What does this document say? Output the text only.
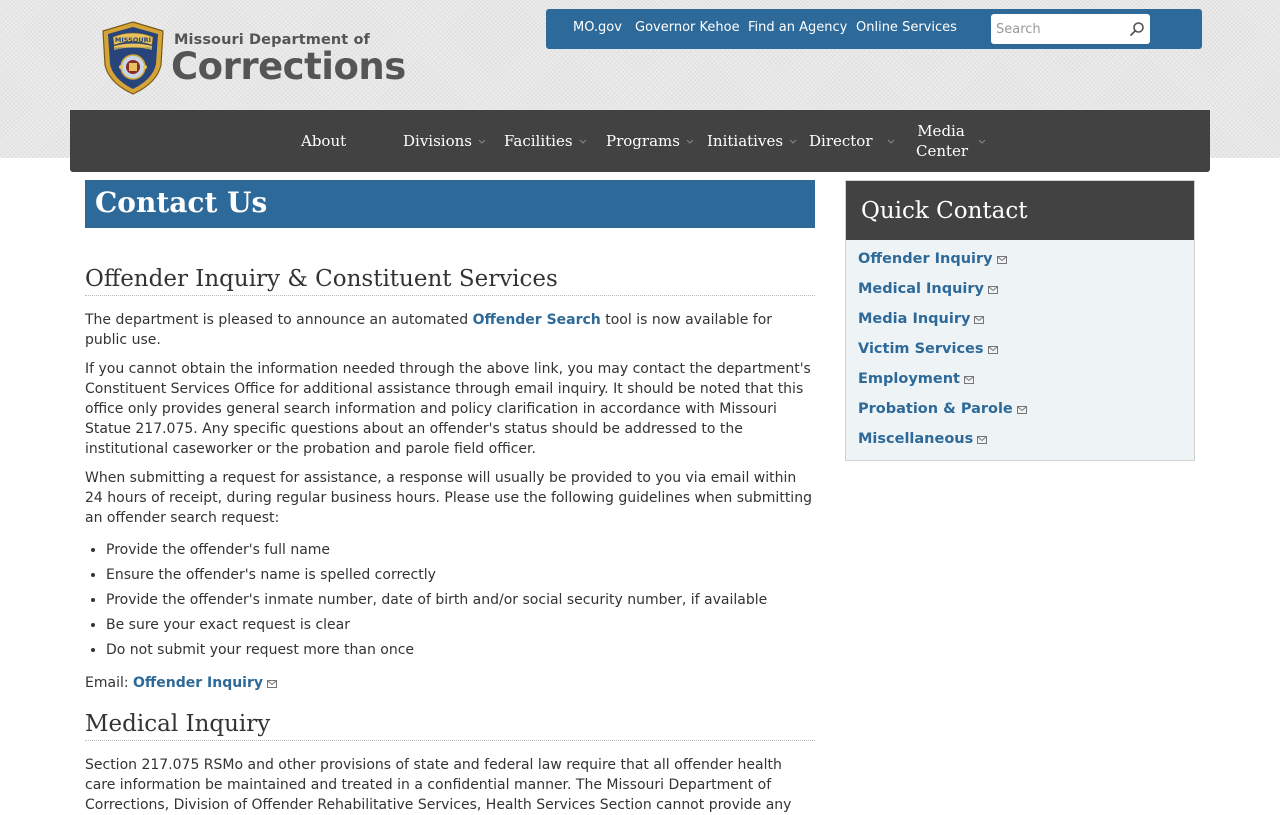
MISSOURI
DEPARTMENT OF CORRECTIONS
Missouri Department of
Corrections
MO.gov Governor Kehoe Find an Agency Online Services
Search
About	Divisions Facilities Programs Initiatives Director
Media
Center
Contact Us
Offender Inquiry & Constituent Services

The department is pleased to announce an automated Offender Search tool is now available for public use.

If you cannot obtain the information needed through the above link, you may contact the department's Constituent Services Office for additional assistance through email inquiry. It should be noted that this office only provides general search information and policy clarification in accordance with Missouri Statue 217.075. Any specific questions about an offender's status should be addressed to the institutional caseworker or the probation and parole field officer.

When submitting a request for assistance, a response will usually be provided to you via email within 24 hours of receipt, during regular business hours. Please use the following guidelines when submitting an offender search request:

• Provide the offender's full name
• Ensure the offender's name is spelled correctly
• Provide the offender's inmate number, date of birth and/or social security number, if available
• Be sure your exact request is clear
• Do not submit your request more than once

Email: Offender Inquiry

Medical Inquiry

Section 217.075 RSMo and other provisions of state and federal law require that all offender health care information be maintained and treated in a confidential manner. The Missouri Department of Corrections, Division of Offender Rehabilitative Services, Health Services Section cannot provide any

Quick Contact
Offender Inquiry
Medical Inquiry
Media Inquiry
Victim Services
Employment
Probation & Parole
Miscellaneous
